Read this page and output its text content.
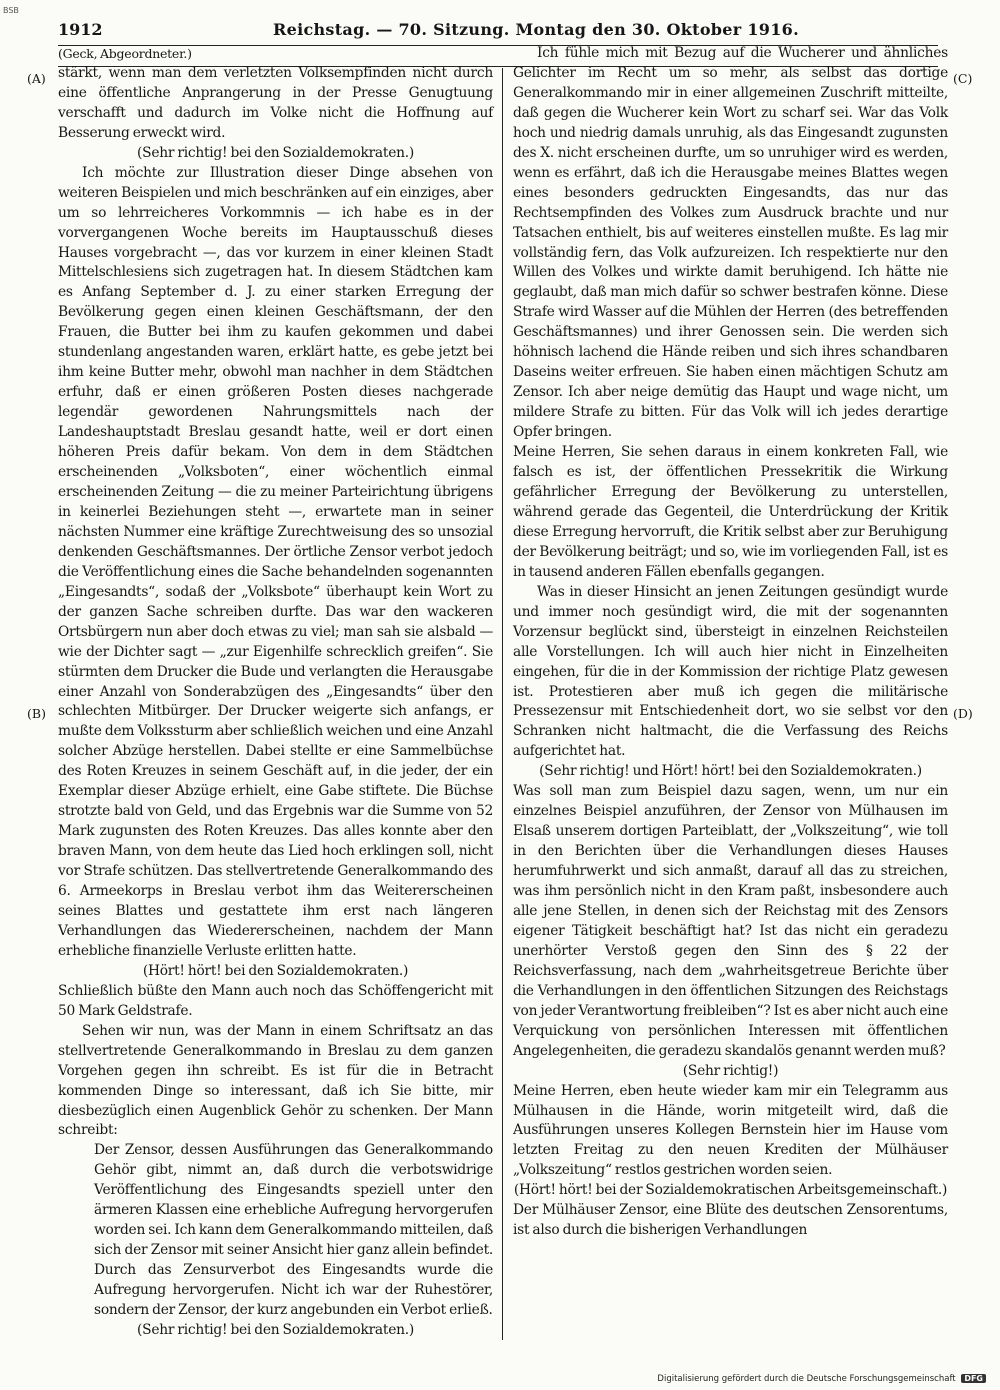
BSB
1912	Reichstag. — 70. Sitzung. Montag den 30. Oktober 1916.
(A)
(B)
(C)
(D)

(Geck, Abgeordneter.)

stärkt, wenn man dem verletzten Volksempfinden nicht durch eine öffentliche Anprangerung in der Presse Genugtuung verschafft und dadurch im Volke nicht die Hoffnung auf Besserung erweckt wird.

(Sehr richtig! bei den Sozialdemokraten.)

Ich möchte zur Illustration dieser Dinge absehen von weiteren Beispielen und mich beschränken auf ein einziges, aber um so lehrreicheres Vorkommnis — ich habe es in der vorvergangenen Woche bereits im Hauptausschuß dieses Hauses vorgebracht —, das vor kurzem in einer kleinen Stadt Mittelschlesiens sich zugetragen hat. In diesem Städtchen kam es Anfang September d. J. zu einer starken Erregung der Bevölkerung gegen einen kleinen Geschäftsmann, der den Frauen, die Butter bei ihm zu kaufen gekommen und dabei stundenlang angestanden waren, erklärt hatte, es gebe jetzt bei ihm keine Butter mehr, obwohl man nachher in dem Städtchen erfuhr, daß er einen größeren Posten dieses nachgerade legendär gewordenen Nahrungsmittels nach der Landeshauptstadt Breslau gesandt hatte, weil er dort einen höheren Preis dafür bekam. Von dem in dem Städtchen erscheinenden „Volksboten“, einer wöchentlich einmal erscheinenden Zeitung — die zu meiner Parteirichtung übrigens in keinerlei Beziehungen steht —, erwartete man in seiner nächsten Nummer eine kräftige Zurechtweisung des so unsozial denkenden Geschäftsmannes. Der örtliche Zensor verbot jedoch die Veröffentlichung eines die Sache behandelnden sogenannten „Eingesandts“, sodaß der „Volksbote“ überhaupt kein Wort zu der ganzen Sache schreiben durfte. Das war den wackeren Ortsbürgern nun aber doch etwas zu viel; man sah sie alsbald — wie der Dichter sagt — „zur Eigenhilfe schrecklich greifen“. Sie stürmten dem Drucker die Bude und verlangten die Herausgabe einer Anzahl von Sonderabzügen des „Eingesandts“ über den schlechten Mitbürger. Der Drucker weigerte sich anfangs, er mußte dem Volkssturm aber schließlich weichen und eine Anzahl solcher Abzüge herstellen. Dabei stellte er eine Sammelbüchse des Roten Kreuzes in seinem Geschäft auf, in die jeder, der ein Exemplar dieser Abzüge erhielt, eine Gabe stiftete. Die Büchse strotzte bald von Geld, und das Ergebnis war die Summe von 52 Mark zugunsten des Roten Kreuzes. Das alles konnte aber den braven Mann, von dem heute das Lied hoch erklingen soll, nicht vor Strafe schützen. Das stellvertretende Generalkommando des 6. Armeekorps in Breslau verbot ihm das Weitererscheinen seines Blattes und gestattete ihm erst nach längeren Verhandlungen das Wiedererscheinen, nachdem der Mann erhebliche finanzielle Verluste erlitten hatte.

(Hört! hört! bei den Sozialdemokraten.)

Schließlich büßte den Mann auch noch das Schöffengericht mit 50 Mark Geldstrafe.

Sehen wir nun, was der Mann in einem Schriftsatz an das stellvertretende Generalkommando in Breslau zu dem ganzen Vorgehen gegen ihn schreibt. Es ist für die in Betracht kommenden Dinge so interessant, daß ich Sie bitte, mir diesbezüglich einen Augenblick Gehör zu schenken. Der Mann schreibt:

Der Zensor, dessen Ausführungen das Generalkommando Gehör gibt, nimmt an, daß durch die verbotswidrige Veröffentlichung des Eingesandts speziell unter den ärmeren Klassen eine erhebliche Aufregung hervorgerufen worden sei. Ich kann dem Generalkommando mitteilen, daß sich der Zensor mit seiner Ansicht hier ganz allein befindet. Durch das Zensurverbot des Eingesandts wurde die Aufregung hervorgerufen. Nicht ich war der Ruhestörer, sondern der Zensor, der kurz angebunden ein Verbot erließ.

(Sehr richtig! bei den Sozialdemokraten.)

Ich fühle mich mit Bezug auf die Wucherer und ähnliches Gelichter im Recht um so mehr, als selbst das dortige Generalkommando mir in einer allgemeinen Zuschrift mitteilte, daß gegen die Wucherer kein Wort zu scharf sei. War das Volk hoch und niedrig damals unruhig, als das Eingesandt zugunsten des X. nicht erscheinen durfte, um so unruhiger wird es werden, wenn es erfährt, daß ich die Herausgabe meines Blattes wegen eines besonders gedruckten Eingesandts, das nur das Rechtsempfinden des Volkes zum Ausdruck brachte und nur Tatsachen enthielt, bis auf weiteres einstellen mußte. Es lag mir vollständig fern, das Volk aufzureizen. Ich respektierte nur den Willen des Volkes und wirkte damit beruhigend. Ich hätte nie geglaubt, daß man mich dafür so schwer bestrafen könne. Diese Strafe wird Wasser auf die Mühlen der Herren (des betreffenden Geschäftsmannes) und ihrer Genossen sein. Die werden sich höhnisch lachend die Hände reiben und sich ihres schandbaren Daseins weiter erfreuen. Sie haben einen mächtigen Schutz am Zensor. Ich aber neige demütig das Haupt und wage nicht, um mildere Strafe zu bitten. Für das Volk will ich jedes derartige Opfer bringen.

Meine Herren, Sie sehen daraus in einem konkreten Fall, wie falsch es ist, der öffentlichen Pressekritik die Wirkung gefährlicher Erregung der Bevölkerung zu unterstellen, während gerade das Gegenteil, die Unterdrückung der Kritik diese Erregung hervorruft, die Kritik selbst aber zur Beruhigung der Bevölkerung beiträgt; und so, wie im vorliegenden Fall, ist es in tausend anderen Fällen ebenfalls gegangen.

Was in dieser Hinsicht an jenen Zeitungen gesündigt wurde und immer noch gesündigt wird, die mit der sogenannten Vorzensur beglückt sind, übersteigt in einzelnen Reichsteilen alle Vorstellungen. Ich will auch hier nicht in Einzelheiten eingehen, für die in der Kommission der richtige Platz gewesen ist. Protestieren aber muß ich gegen die militärische Pressezensur mit Entschiedenheit dort, wo sie selbst vor den Schranken nicht haltmacht, die die Verfassung des Reichs aufgerichtet hat.

(Sehr richtig! und Hört! hört! bei den Sozialdemokraten.)

Was soll man zum Beispiel dazu sagen, wenn, um nur ein einzelnes Beispiel anzuführen, der Zensor von Mülhausen im Elsaß unserem dortigen Parteiblatt, der „Volkszeitung“, wie toll in den Berichten über die Verhandlungen dieses Hauses herumfuhrwerkt und sich anmaßt, darauf all das zu streichen, was ihm persönlich nicht in den Kram paßt, insbesondere auch alle jene Stellen, in denen sich der Reichstag mit des Zensors eigener Tätigkeit beschäftigt hat? Ist das nicht ein geradezu unerhörter Verstoß gegen den Sinn des § 22 der Reichsverfassung, nach dem „wahrheitsgetreue Berichte über die Verhandlungen in den öffentlichen Sitzungen des Reichstags von jeder Verantwortung freibleiben“? Ist es aber nicht auch eine Verquickung von persönlichen Interessen mit öffentlichen Angelegenheiten, die geradezu skandalös genannt werden muß?

(Sehr richtig!)

Meine Herren, eben heute wieder kam mir ein Telegramm aus Mülhausen in die Hände, worin mitgeteilt wird, daß die Ausführungen unseres Kollegen Bernstein hier im Hause vom letzten Freitag zu den neuen Krediten der Mülhäuser „Volkszeitung“ restlos gestrichen worden seien.

(Hört! hört! bei der Sozialdemokratischen Arbeitsgemeinschaft.)

Der Mülhäuser Zensor, eine Blüte des deutschen Zensorentums, ist also durch die bisherigen Verhandlungen

Digitalisierung gefördert durch die Deutsche Forschungsgemeinschaft DFG
